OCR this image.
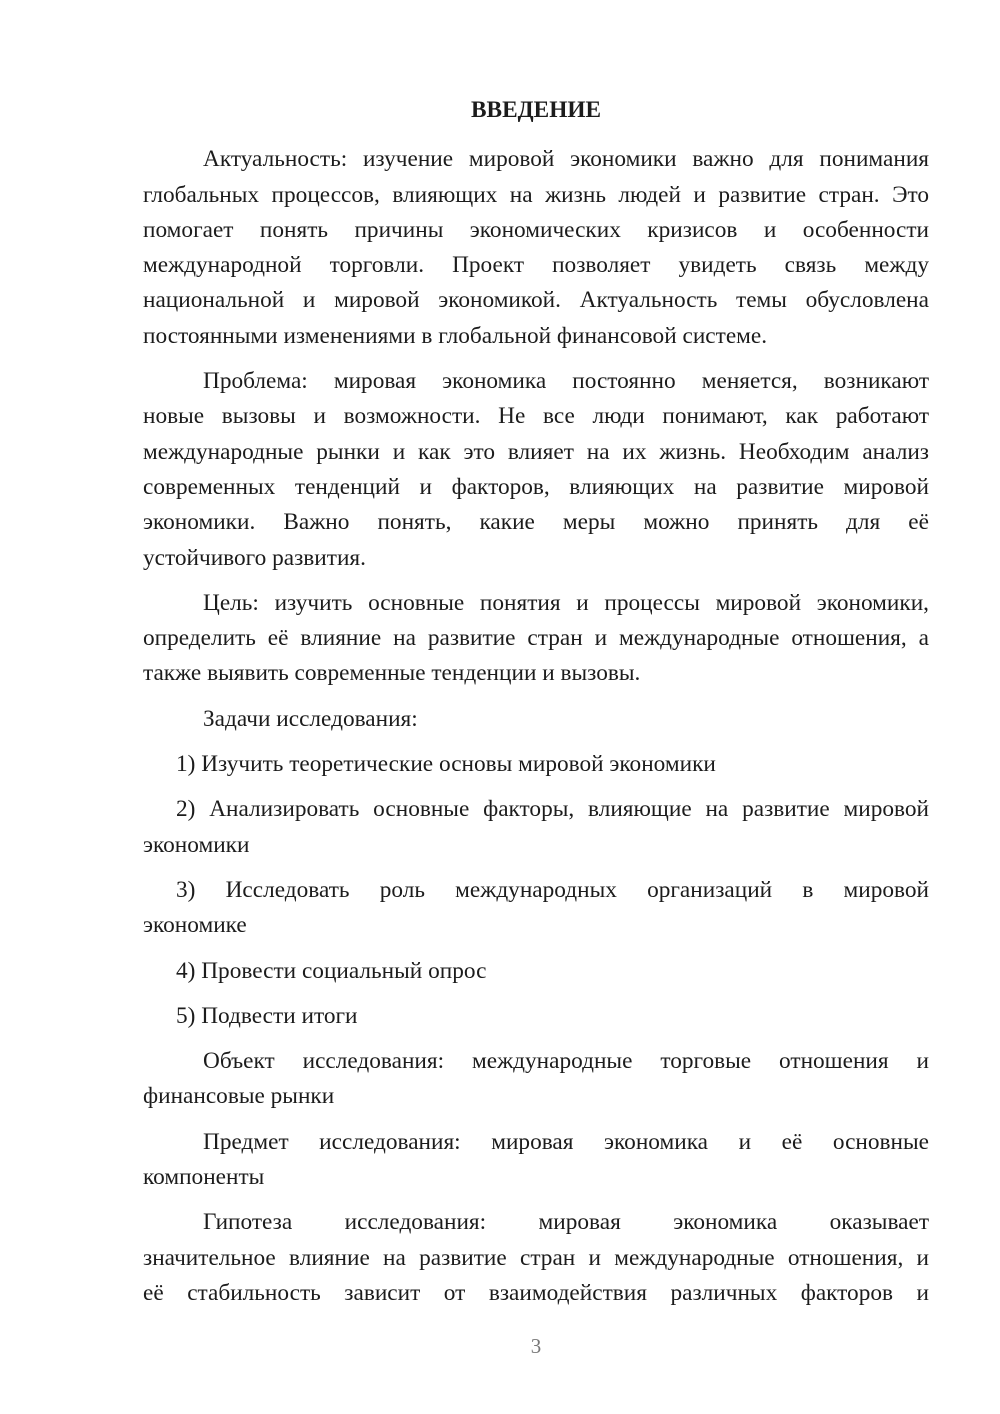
ВВЕДЕНИЕ
Актуальность: изучение мировой экономики важно для понимания
глобальных процессов, влияющих на жизнь людей и развитие стран. Это
помогает понять причины экономических кризисов и особенности
международной торговли. Проект позволяет увидеть связь между
национальной и мировой экономикой. Актуальность темы обусловлена
постоянными изменениями в глобальной финансовой системе.
Проблема: мировая экономика постоянно меняется, возникают
новые вызовы и возможности. Не все люди понимают, как работают
международные рынки и как это влияет на их жизнь. Необходим анализ
современных тенденций и факторов, влияющих на развитие мировой
экономики. Важно понять, какие меры можно принять для её
устойчивого развития.
Цель: изучить основные понятия и процессы мировой экономики,
определить её влияние на развитие стран и международные отношения, а
также выявить современные тенденции и вызовы.
Задачи исследования:
1) Изучить теоретические основы мировой экономики
2) Анализировать основные факторы, влияющие на развитие мировой
экономики
3) Исследовать роль международных организаций в мировой
экономике
4) Провести социальный опрос
5) Подвести итоги
Объект исследования: международные торговые отношения и
финансовые рынки
Предмет исследования: мировая экономика и её основные
компоненты
Гипотеза исследования: мировая экономика оказывает
значительное влияние на развитие стран и международные отношения, и
её стабильность зависит от взаимодействия различных факторов и
3
